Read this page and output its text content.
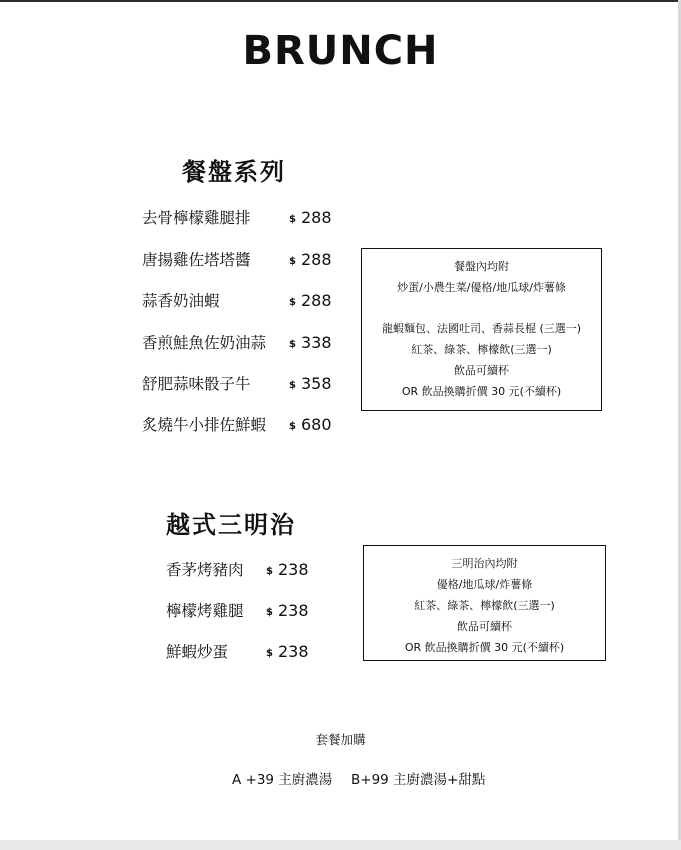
BRUNCH
餐盤系列
去骨檸檬雞腿排	$ 288
唐揚雞佐塔塔醬	$ 288
蒜香奶油蝦	$ 288
香煎鮭魚佐奶油蒜 $ 338
舒肥蒜味骰子牛	$ 358
炙燒牛小排佐鮮蝦 $ 680
餐盤內均附
炒蛋/小農生菜/優格/地瓜球/炸薯條
龍蝦麵包、法國吐司、香蒜長棍 (三選一)
紅茶、綠茶、檸檬飲(三選一)
飲品可續杯
OR 飲品換購折價 30 元(不續杯)
越式三明治
香茅烤豬肉 $ 238
檸檬烤雞腿 $ 238
鮮蝦炒蛋	$ 238
三明治內均附
優格/地瓜球/炸薯條
紅茶、綠茶、檸檬飲(三選一)
飲品可續杯
OR 飲品換購折價 30 元(不續杯)
套餐加購
A +39 主廚濃湯 B+99 主廚濃湯+甜點
